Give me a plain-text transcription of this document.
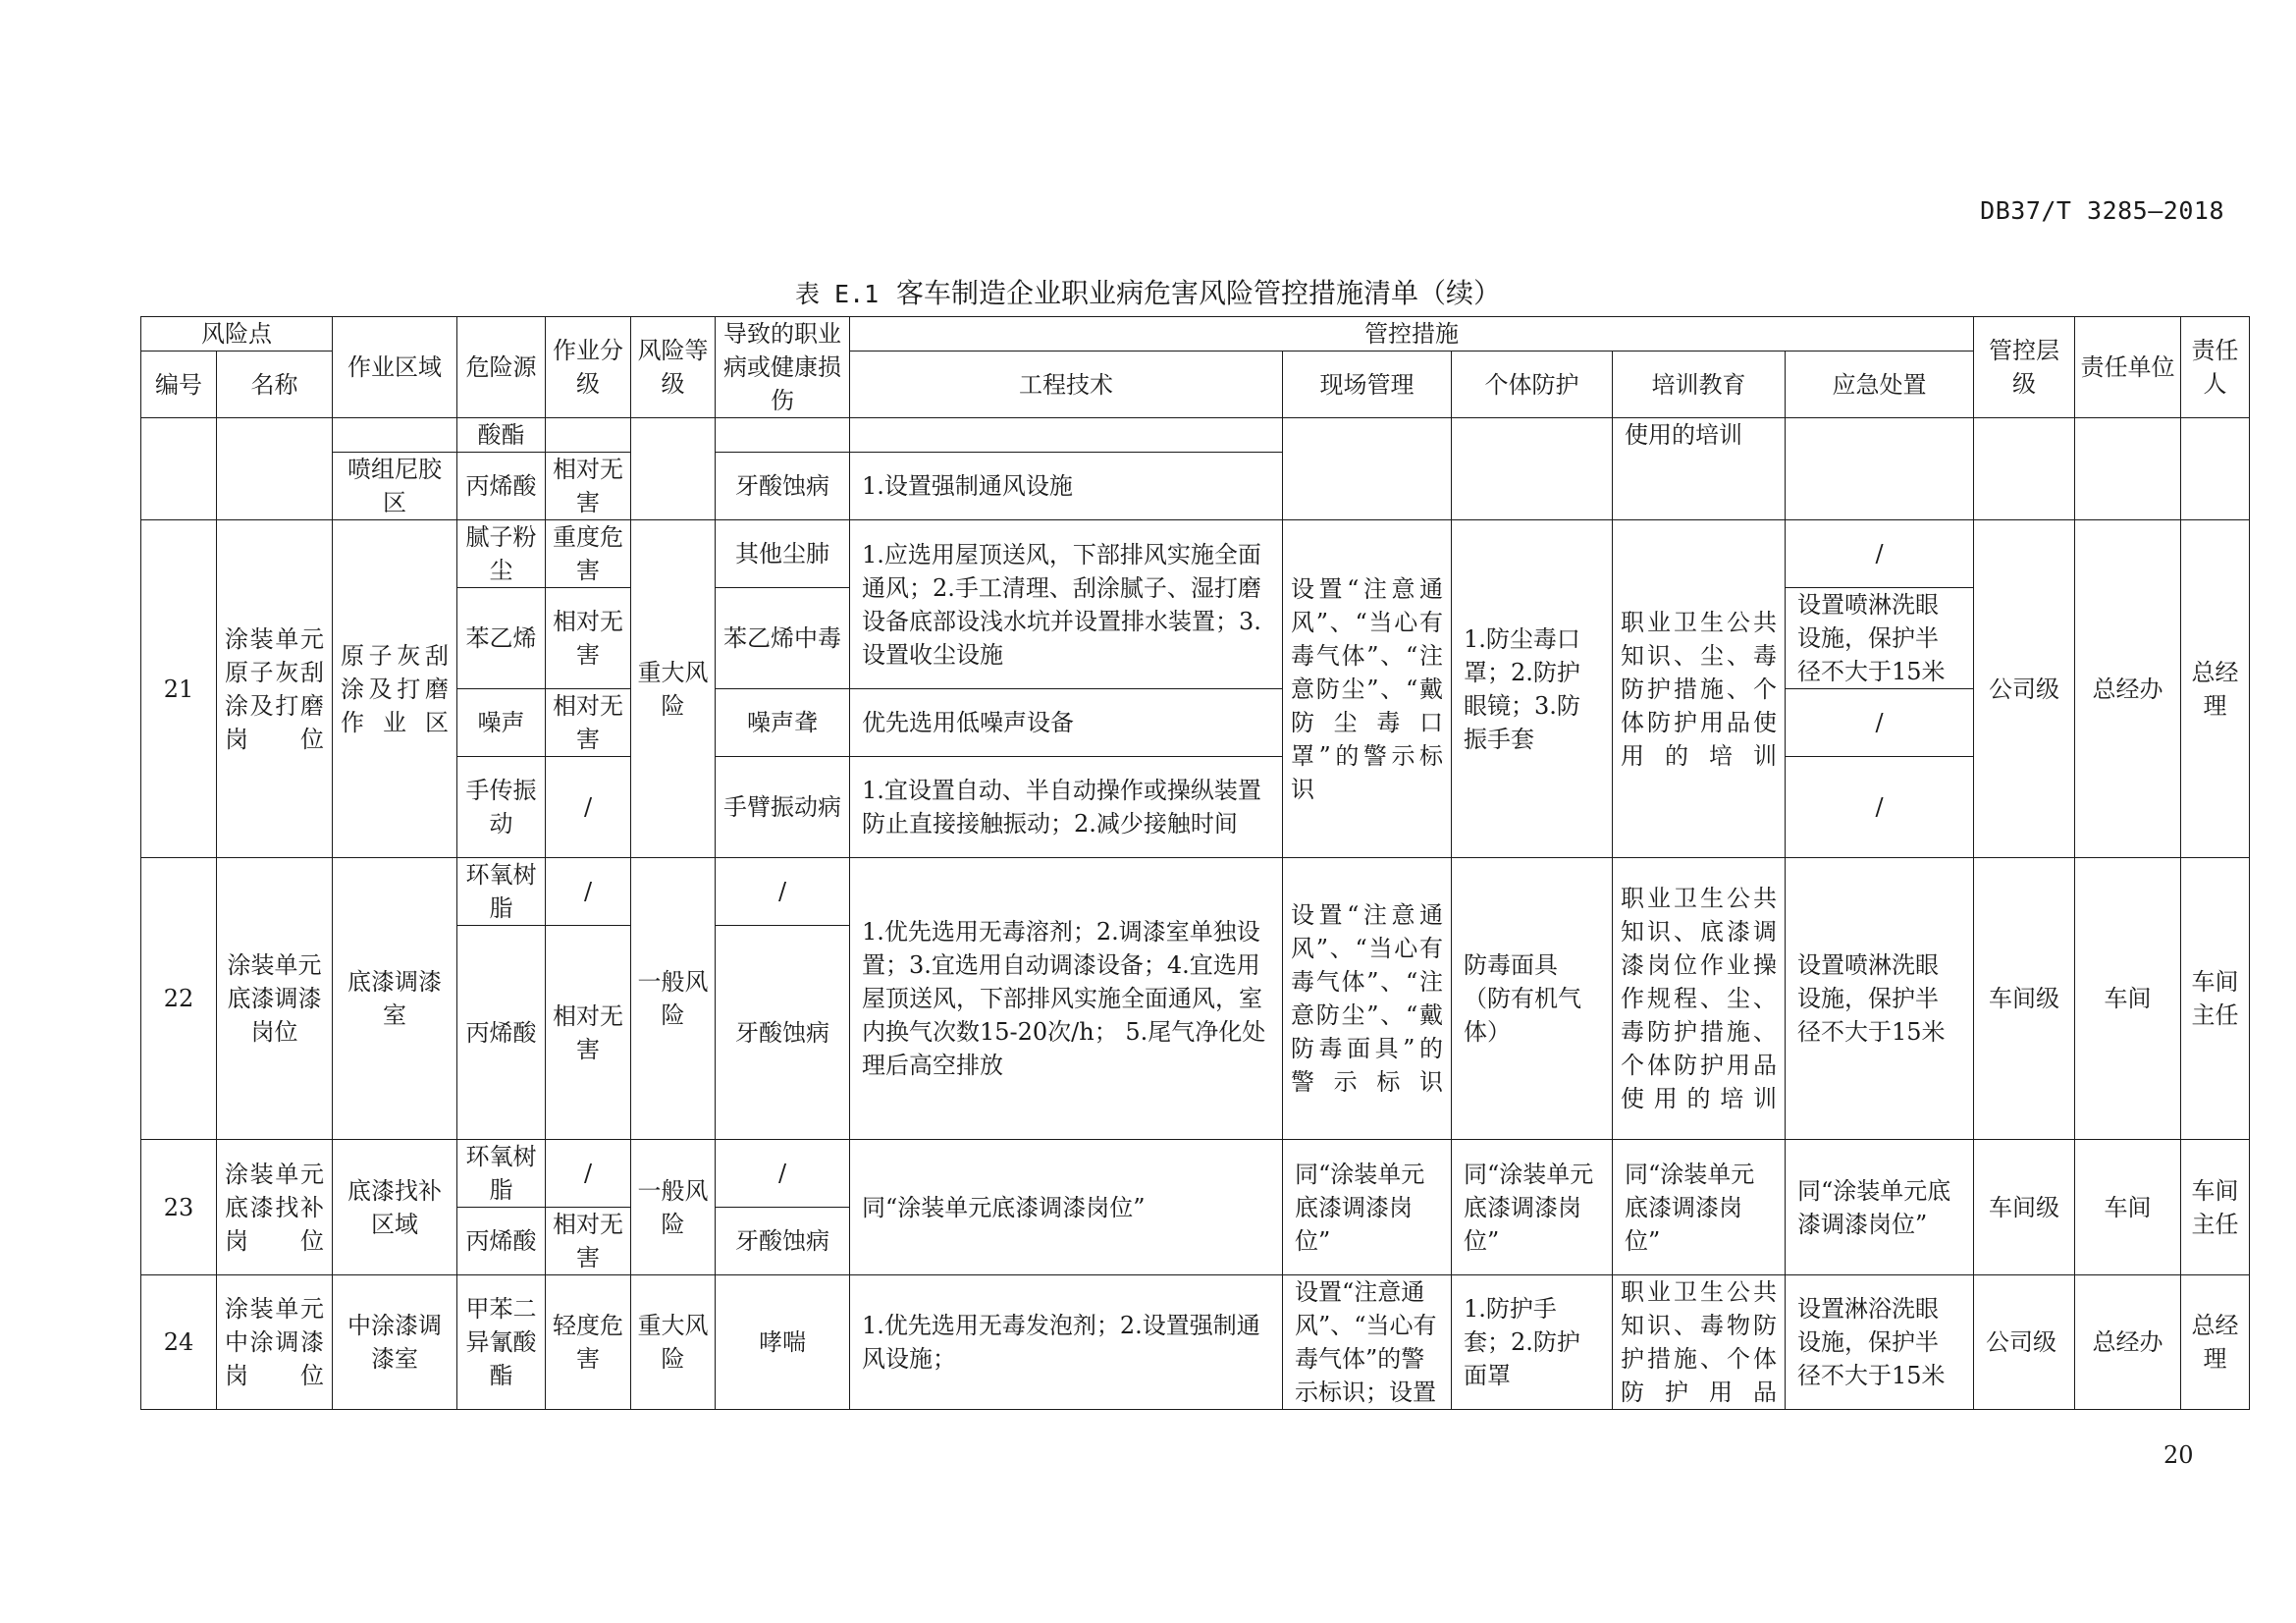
DB37/T 3285—2018
表 E.1 客车制造企业职业病危害风险管控措施清单（续）
风险点		作业区域	危险源	作业分级	风险等级	导致的职业病或健康损伤	管控措施					管控层级	责任单位	责任人
编号	名称						工程技术	现场管理	个体防护	培训教育	应急处置			
			酸酯							使用的培训				
		喷组尼胶区	丙烯酸	相对无害		牙酸蚀病	1.设置强制通风设施							
21	涂装单元原子灰刮涂及打磨岗位	原子灰刮涂及打磨作业区	腻子粉尘	重度危害	重大风险	其他尘肺	1.应选用屋顶送风，下部排风实施全面通风；2.手工清理、刮涂腻子、湿打磨设备底部设浅水坑并设置排水装置；3.设置收尘设施	设置“注意通风”、“当心有毒气体”、“注意防尘”、“戴防尘毒口罩”的警示标识	1.防尘毒口罩；2.防护眼镜；3.防振手套	职业卫生公共知识、尘、毒防护措施、个体防护用品使用的培训	/	公司级	总经办	总经理
			苯乙烯	相对无害		苯乙烯中毒					设置喷淋洗眼设施，保护半径不大于15米			
			噪声	相对无害		噪声聋	优先选用低噪声设备				/			
			手传振动	/		手臂振动病	1.宜设置自动、半自动操作或操纵装置防止直接接触振动；2.减少接触时间				/			
22	涂装单元底漆调漆岗位	底漆调漆室	环氧树脂	/	一般风险	/	1.优先选用无毒溶剂；2.调漆室单独设置；3.宜选用自动调漆设备；4.宜选用屋顶送风，下部排风实施全面通风，室内换气次数15-20次/h； 5.尾气净化处理后高空排放	设置“注意通风”、“当心有毒气体”、“注意防尘”、“戴防毒面具”的警示标识	防毒面具（防有机气体）	职业卫生公共知识、底漆调漆岗位作业操作规程、尘、毒防护措施、个体防护用品使用的培训	设置喷淋洗眼设施，保护半径不大于15米	车间级	车间	车间主任
			丙烯酸	相对无害		牙酸蚀病								
23	涂装单元底漆找补岗位	底漆找补区域	环氧树脂	/	一般风险	/	同“涂装单元底漆调漆岗位”	同“涂装单元底漆调漆岗位”	同“涂装单元底漆调漆岗位”	同“涂装单元底漆调漆岗位”	同“涂装单元底漆调漆岗位”	车间级	车间	车间主任
			丙烯酸	相对无害		牙酸蚀病								
24	涂装单元中涂调漆岗位	中涂漆调漆室	甲苯二异氰酸酯	轻度危害	重大风险	哮喘	1.优先选用无毒发泡剂；2.设置强制通风设施；	设置“注意通风”、“当心有毒气体”的警示标识；设置	1.防护手套；2.防护面罩	职业卫生公共知识、毒物防护措施、个体防护用品	设置淋浴洗眼设施，保护半径不大于15米	公司级	总经办	总经理
20
